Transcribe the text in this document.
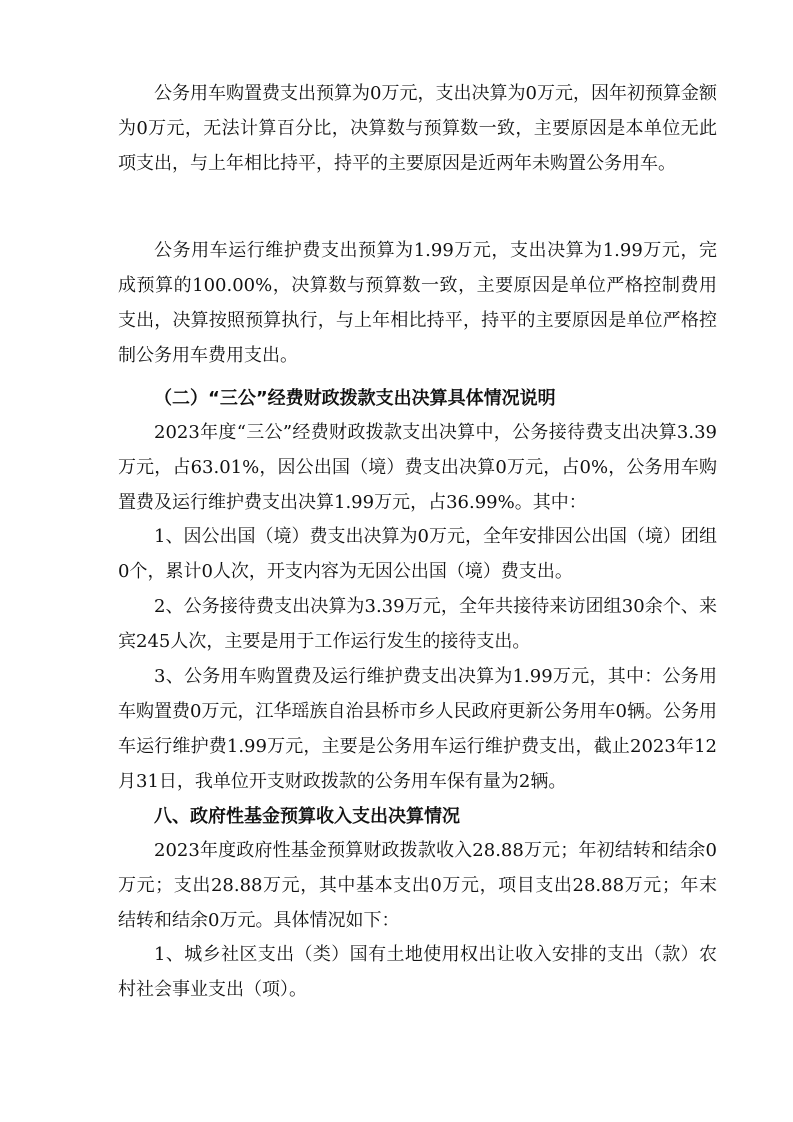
公务用车购置费支出预算为0万元，支出决算为0万元，因年初预算金额为0万元，无法计算百分比，决算数与预算数一致，主要原因是本单位无此项支出，与上年相比持平，持平的主要原因是近两年未购置公务用车。

公务用车运行维护费支出预算为1.99万元，支出决算为1.99万元，完成预算的100.00%，决算数与预算数一致，主要原因是单位严格控制费用支出，决算按照预算执行，与上年相比持平，持平的主要原因是单位严格控制公务用车费用支出。

（二）“三公”经费财政拨款支出决算具体情况说明

2023年度“三公”经费财政拨款支出决算中，公务接待费支出决算3.39万元，占63.01%，因公出国（境）费支出决算0万元，占0%，公务用车购置费及运行维护费支出决算1.99万元，占36.99%。其中：

1、因公出国（境）费支出决算为0万元，全年安排因公出国（境）团组0个，累计0人次，开支内容为无因公出国（境）费支出。

2、公务接待费支出决算为3.39万元，全年共接待来访团组30余个、来宾245人次，主要是用于工作运行发生的接待支出。

3、公务用车购置费及运行维护费支出决算为1.99万元，其中：公务用车购置费0万元，江华瑶族自治县桥市乡人民政府更新公务用车0辆。公务用车运行维护费1.99万元，主要是公务用车运行维护费支出，截止2023年12月31日，我单位开支财政拨款的公务用车保有量为2辆。

八、政府性基金预算收入支出决算情况

2023年度政府性基金预算财政拨款收入28.88万元；年初结转和结余0万元；支出28.88万元，其中基本支出0万元，项目支出28.88万元；年末结转和结余0万元。具体情况如下：

1、城乡社区支出（类）国有土地使用权出让收入安排的支出（款）农村社会事业支出（项）。
